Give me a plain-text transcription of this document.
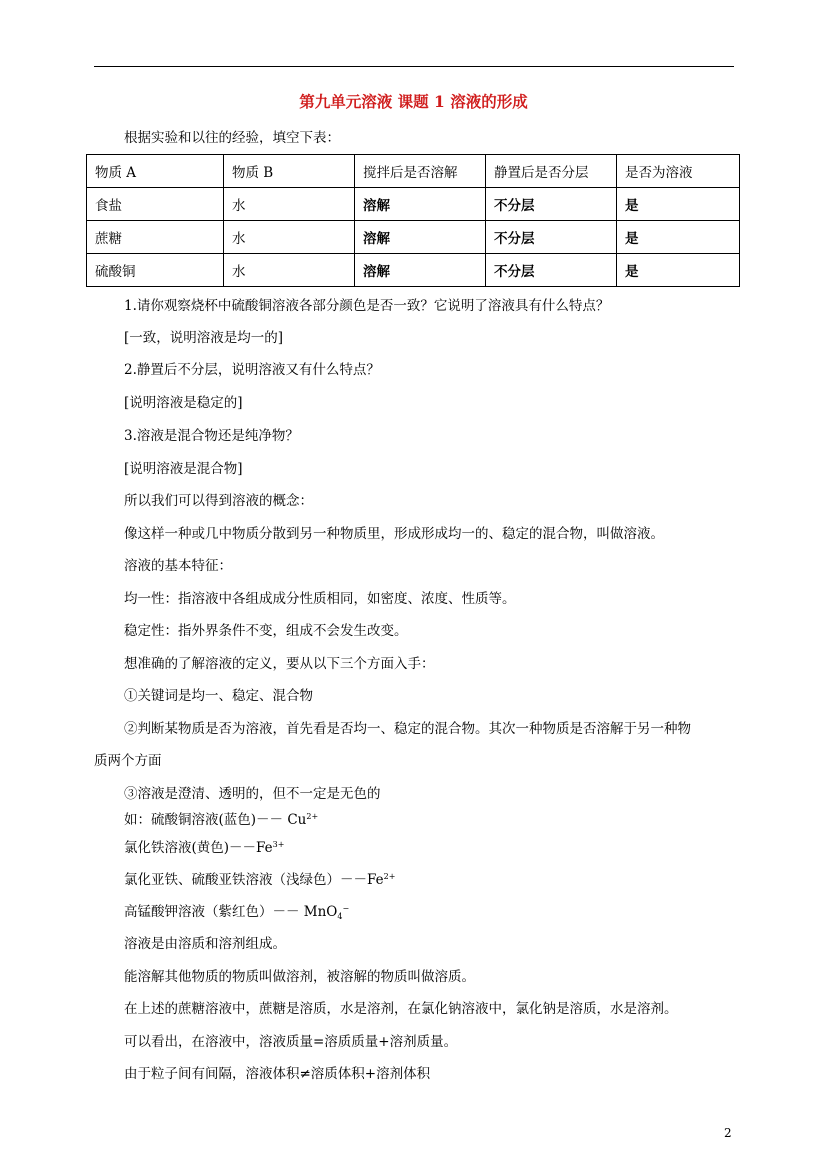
第九单元溶液 课题 1 溶液的形成
根据实验和以往的经验，填空下表：
物质 A	物质 B	搅拌后是否溶解	静置后是否分层	是否为溶液
食盐	水	溶解	不分层	是
蔗糖	水	溶解	不分层	是
硫酸铜	水	溶解	不分层	是
1.请你观察烧杯中硫酸铜溶液各部分颜色是否一致？它说明了溶液具有什么特点？
[一致，说明溶液是均一的]
2.静置后不分层，说明溶液又有什么特点？
[说明溶液是稳定的]
3.溶液是混合物还是纯净物？
[说明溶液是混合物]
所以我们可以得到溶液的概念：
像这样一种或几中物质分散到另一种物质里，形成形成均一的、稳定的混合物，叫做溶液。
溶液的基本特征：
均一性：指溶液中各组成成分性质相同，如密度、浓度、性质等。
稳定性：指外界条件不变，组成不会发生改变。
想准确的了解溶液的定义，要从以下三个方面入手：
①关键词是均一、稳定、混合物
②判断某物质是否为溶液，首先看是否均一、稳定的混合物。其次一种物质是否溶解于另一种物
质两个方面
③溶液是澄清、透明的，但不一定是无色的
如：硫酸铜溶液(蓝色)－－ $Cu^{2+}$
氯化铁溶液(黄色)$--Fe^{3+}$
氯化亚铁、硫酸亚铁溶液（浅绿色）$--Fe^{2+}$
高锰酸钾溶液（紫红色）－－ MnO$_4$−
溶液是由溶质和溶剂组成。
能溶解其他物质的物质叫做溶剂，被溶解的物质叫做溶质。
在上述的蔗糖溶液中，蔗糖是溶质，水是溶剂，在氯化钠溶液中，氯化钠是溶质，水是溶剂。
可以看出，在溶液中，溶液质量=溶质质量+溶剂质量。
由于粒子间有间隔，溶液体积≠溶质体积+溶剂体积
2
